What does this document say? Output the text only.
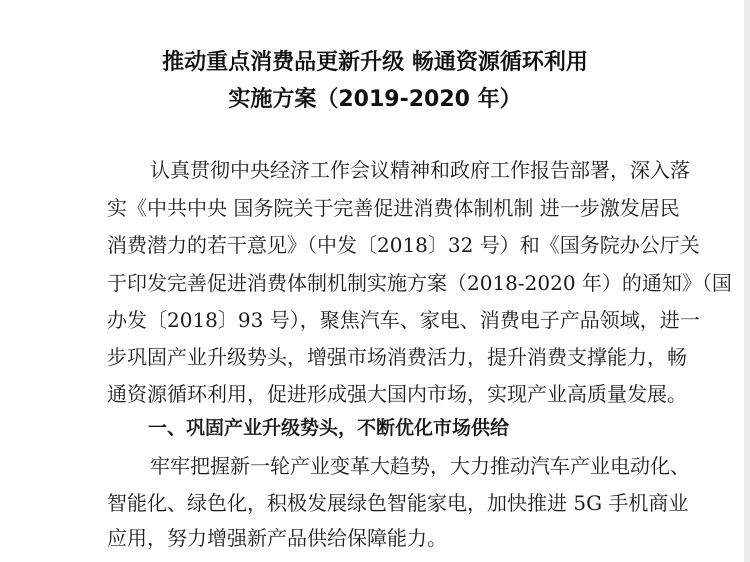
推动重点消费品更新升级 畅通资源循环利用
实施方案（2019-2020 年）
认真贯彻中央经济工作会议精神和政府工作报告部署，深入落
实《中共中央 国务院关于完善促进消费体制机制 进一步激发居民
消费潜力的若干意见》（中发〔2018〕32 号）和《国务院办公厅关
于印发完善促进消费体制机制实施方案（2018-2020 年）的通知》（国
办发〔2018〕93 号），聚焦汽车、家电、消费电子产品领域，进一
步巩固产业升级势头，增强市场消费活力，提升消费支撑能力，畅
通资源循环利用，促进形成强大国内市场，实现产业高质量发展。
一、巩固产业升级势头，不断优化市场供给
牢牢把握新一轮产业变革大趋势，大力推动汽车产业电动化、
智能化、绿色化，积极发展绿色智能家电，加快推进 5G 手机商业
应用，努力增强新产品供给保障能力。
